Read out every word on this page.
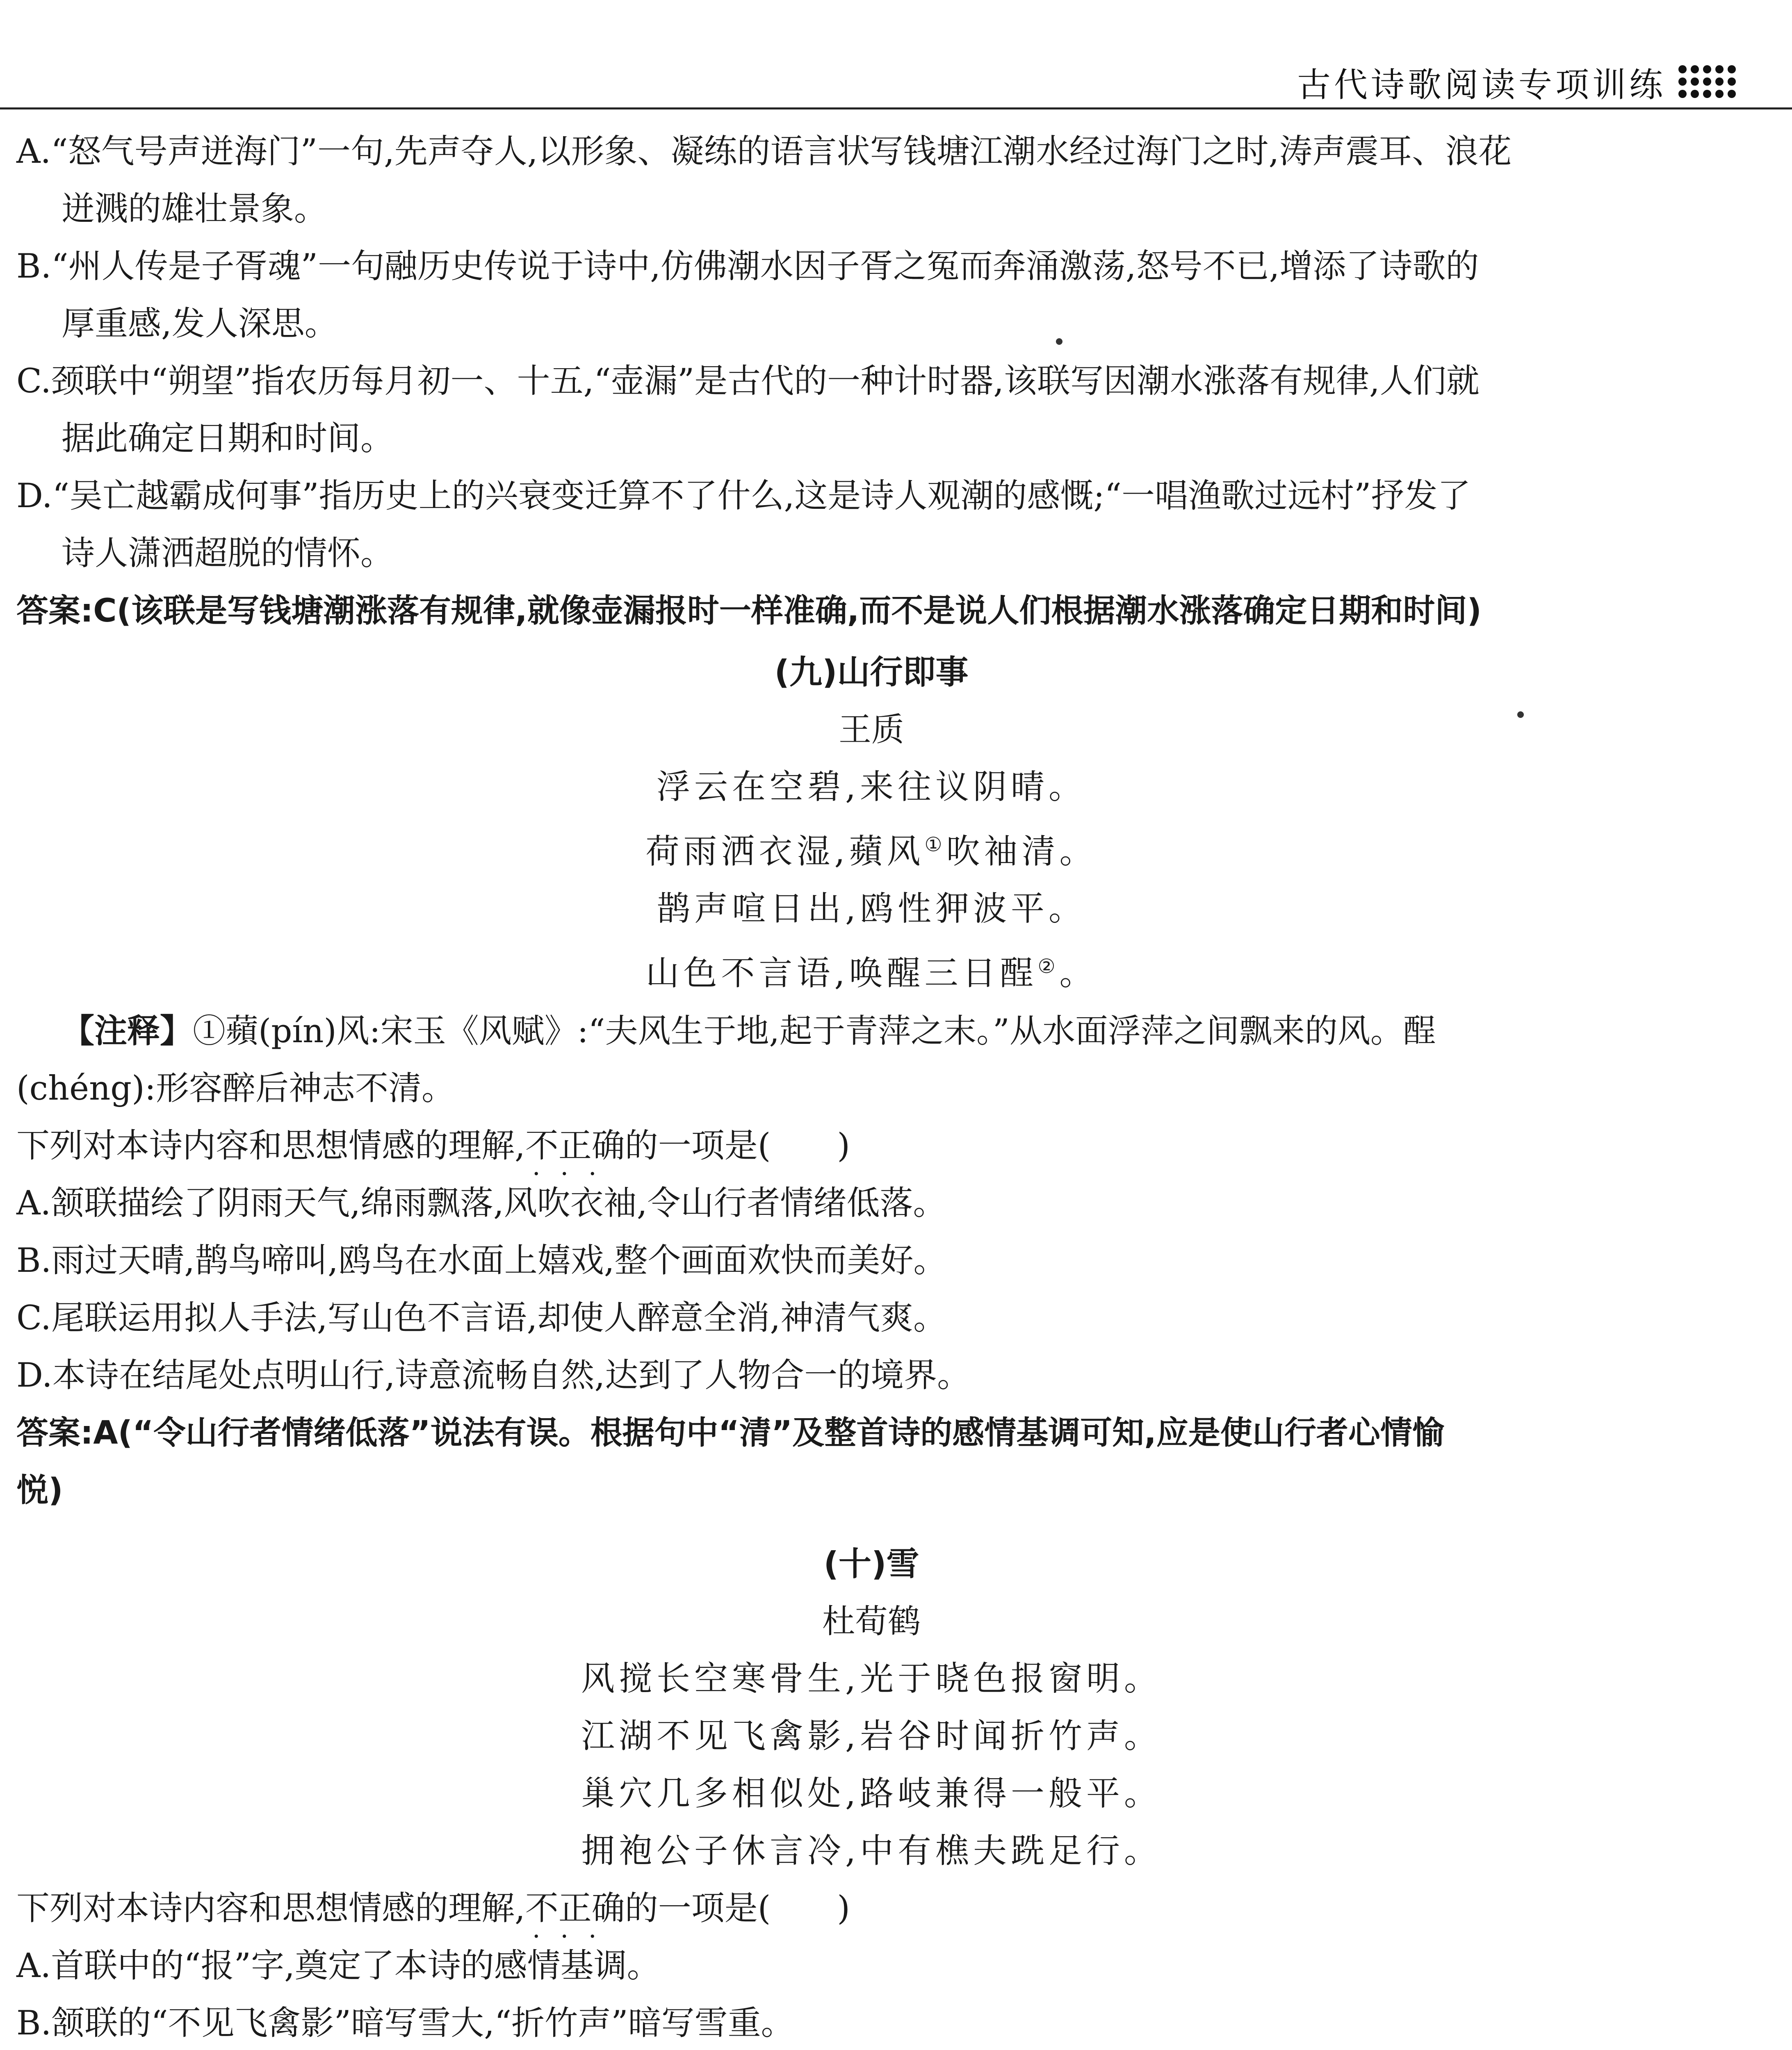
古代诗歌阅读专项训练

A.“怒气号声迸海门”一句,先声夺人,以形象、凝练的语言状写钱塘江潮水经过海门之时,涛声震耳、浪花

迸溅的雄壮景象。

B.“州人传是子胥魂”一句融历史传说于诗中,仿佛潮水因子胥之冤而奔涌激荡,怒号不已,增添了诗歌的

厚重感,发人深思。

C.颈联中“朔望”指农历每月初一、十五,“壶漏”是古代的一种计时器,该联写因潮水涨落有规律,人们就

据此确定日期和时间。

D.“吴亡越霸成何事”指历史上的兴衰变迁算不了什么,这是诗人观潮的感慨;“一唱渔歌过远村”抒发了

诗人潇洒超脱的情怀。

答案:C(该联是写钱塘潮涨落有规律,就像壶漏报时一样准确,而不是说人们根据潮水涨落确定日期和时间)

(九)山行即事

王质

浮云在空碧,来往议阴晴。

荷雨洒衣湿,蘋风①吹袖清。

鹊声喧日出,鸥性狎波平。

山色不言语,唤醒三日酲②。

【注释】①蘋(pín)风:宋玉《风赋》:“夫风生于地,起于青萍之末。”从水面浮萍之间飘来的风。酲

(chéng):形容醉后神志不清。

下列对本诗内容和思想情感的理解,不正确 •••的一项是(　　)

A.颔联描绘了阴雨天气,绵雨飘落,风吹衣袖,令山行者情绪低落。

B.雨过天晴,鹊鸟啼叫,鸥鸟在水面上嬉戏,整个画面欢快而美好。

C.尾联运用拟人手法,写山色不言语,却使人醉意全消,神清气爽。

D.本诗在结尾处点明山行,诗意流畅自然,达到了人物合一的境界。

答案:A(“令山行者情绪低落”说法有误。根据句中“清”及整首诗的感情基调可知,应是使山行者心情愉

悦)

(十)雪

杜荀鹤

风搅长空寒骨生,光于晓色报窗明。

江湖不见飞禽影,岩谷时闻折竹声。

巢穴几多相似处,路岐兼得一般平。

拥袍公子休言冷,中有樵夫跣足行。

下列对本诗内容和思想情感的理解,不正确 •••的一项是(　　)

A.首联中的“报”字,奠定了本诗的感情基调。

B.颔联的“不见飞禽影”暗写雪大,“折竹声”暗写雪重。
